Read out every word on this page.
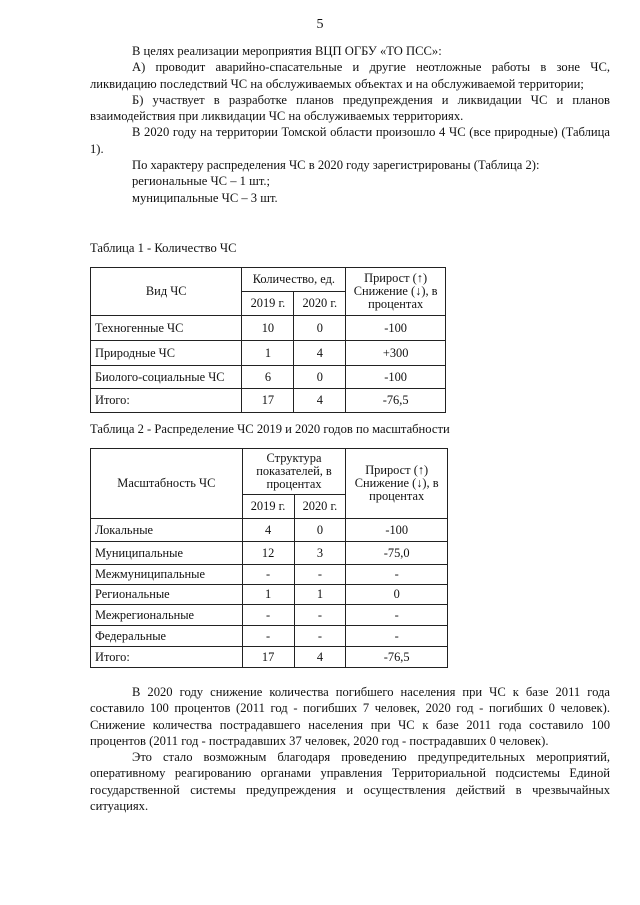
5

В целях реализации мероприятия ВЦП ОГБУ «ТО ПСС»:

А) проводит аварийно-спасательные и другие неотложные работы в зоне ЧС, ликвидацию последствий ЧС на обслуживаемых объектах и на обслуживаемой территории;

Б) участвует в разработке планов предупреждения и ликвидации ЧС и планов взаимодействия при ликвидации ЧС на обслуживаемых территориях.

В 2020 году на территории Томской области произошло 4 ЧС (все природные) (Таблица 1).

По характеру распределения ЧС в 2020 году зарегистрированы (Таблица 2):

региональные ЧС – 1 шт.;

муниципальные ЧС – 3 шт.

Таблица 1 - Количество ЧС
Вид ЧС	Количество, ед.		Прирост (↑) Снижение (↓), в процентах
	2019 г.	2020 г.	
Техногенные ЧС	10	0	-100
Природные ЧС	1	4	+300
Биолого-социальные ЧС	6	0	-100
Итого:	17	4	-76,5
Таблица 2 - Распределение ЧС 2019 и 2020 годов по масштабности
Масштабность ЧС	Структура показателей, в процентах		Прирост (↑) Снижение (↓), в процентах
	2019 г.	2020 г.	
Локальные	4	0	-100
Муниципальные	12	3	-75,0
Межмуниципальные	-	-	-
Региональные	1	1	0
Межрегиональные	-	-	-
Федеральные	-	-	-
Итого:	17	4	-76,5

В 2020 году снижение количества погибшего населения при ЧС к базе 2011 года составило 100 процентов (2011 год - погибших 7 человек, 2020 год - погибших 0 человек). Снижение количества пострадавшего населения при ЧС к базе 2011 года составило 100 процентов (2011 год - пострадавших 37 человек, 2020 год - пострадавших 0 человек).

Это стало возможным благодаря проведению предупредительных мероприятий, оперативному реагированию органами управления Территориальной подсистемы Единой государственной системы предупреждения и осуществления действий в чрезвычайных ситуациях.
